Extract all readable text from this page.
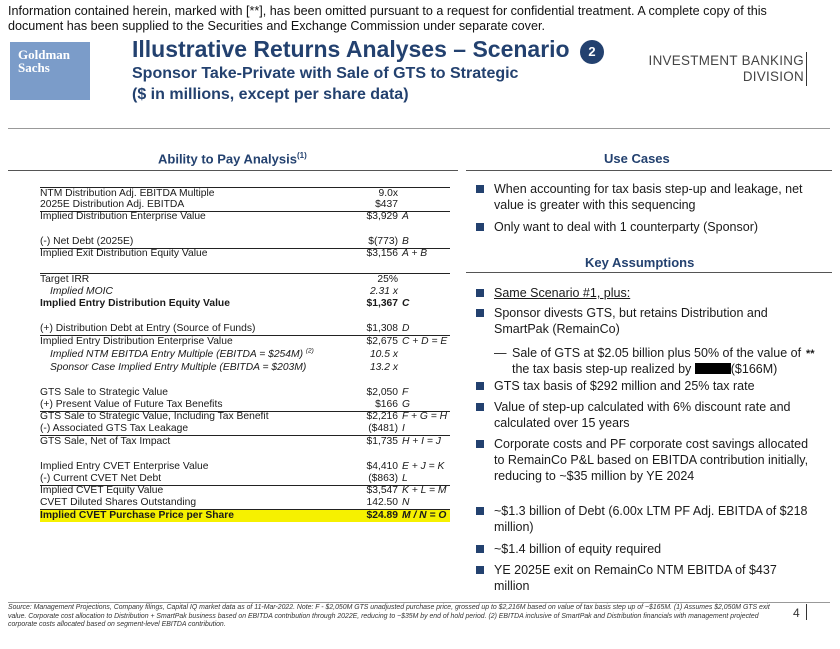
Information contained herein, marked with [**], has been omitted pursuant to a request for confidential treatment. A complete copy of this document has been supplied to the Securities and Exchange Commission under separate cover.
Goldman
Sachs
Illustrative Returns Analyses – Scenario	2
Sponsor Take-Private with Sale of GTS to Strategic
($ in millions, except per share data)
INVESTMENT BANKING
DIVISION
Ability to Pay Analysis$^{(1)}$
NTM Distribution Adj. EBITDA Multiple	9.0x
2025E Distribution Adj. EBITDA	$437
Implied Distribution Enterprise Value	$3,929 A
(-) Net Debt (2025E)	$(773) B
Implied Exit Distribution Equity Value	$3,156 A + B
Target IRR	25%
Implied MOIC	2.31 x
Implied Entry Distribution Equity Value	$1,367 C
(+) Distribution Debt at Entry (Source of Funds)	$1,308 D
Implied Entry Distribution Enterprise Value	$2,675 C + D = E
Implied NTM EBITDA Entry Multiple (EBITDA = $254M) $^{(2)}$	10.5 x
Sponsor Case Implied Entry Multiple (EBITDA = $203M)	13.2 x
GTS Sale to Strategic Value	$2,050 F
(+) Present Value of Future Tax Benefits	$166 G
GTS Sale to Strategic Value, Including Tax Benefit	$2,216 F + G = H
(-) Associated GTS Tax Leakage	($481) I
GTS Sale, Net of Tax Impact	$1,735 H + I = J
Implied Entry CVET Enterprise Value	$4,410 E + J = K
(-) Current CVET Net Debt	($863) L
Implied CVET Equity Value	$3,547 K + L = M
CVET Diluted Shares Outstanding	142.50 N
Implied CVET Purchase Price per Share	$24.89 M / N = O
Use Cases
When accounting for tax basis step-up and leakage, net value is greater with this sequencing
Only want to deal with 1 counterparty (Sponsor)
Key Assumptions
Same Scenario #1, plus:
Sponsor divests GTS, but retains Distribution and SmartPak (RemainCo)
— Sale of GTS at $2.05 billion plus 50% of the value of the tax basis step-up realized by	($166M)
**
GTS tax basis of $292 million and 25% tax rate
Value of step-up calculated with 6% discount rate and calculated over 15 years
Corporate costs and PF corporate cost savings allocated to RemainCo P&L based on EBITDA contribution initially, reducing to ~$35 million by YE 2024
~$1.3 billion of Debt (6.00x LTM PF Adj. EBITDA of $218 million)
~$1.4 billion of equity required
YE 2025E exit on RemainCo NTM EBITDA of $437 million
Source: Management Projections, Company filings, Capital IQ market data as of 11-Mar-2022. Note: F - $2,050M GTS unadjusted purchase price, grossed up to $2,216M based on value of tax basis step up of ~$165M. (1) Assumes $2,050M GTS exit value. Corporate cost allocation to Distribution + SmartPak business based on EBITDA contribution through 2022E, reducing to ~$35M by end of hold period. (2) EBITDA inclusive of SmartPak and Distribution financials with management projected corporate costs allocated based on segment-level EBITDA contribution.
4
